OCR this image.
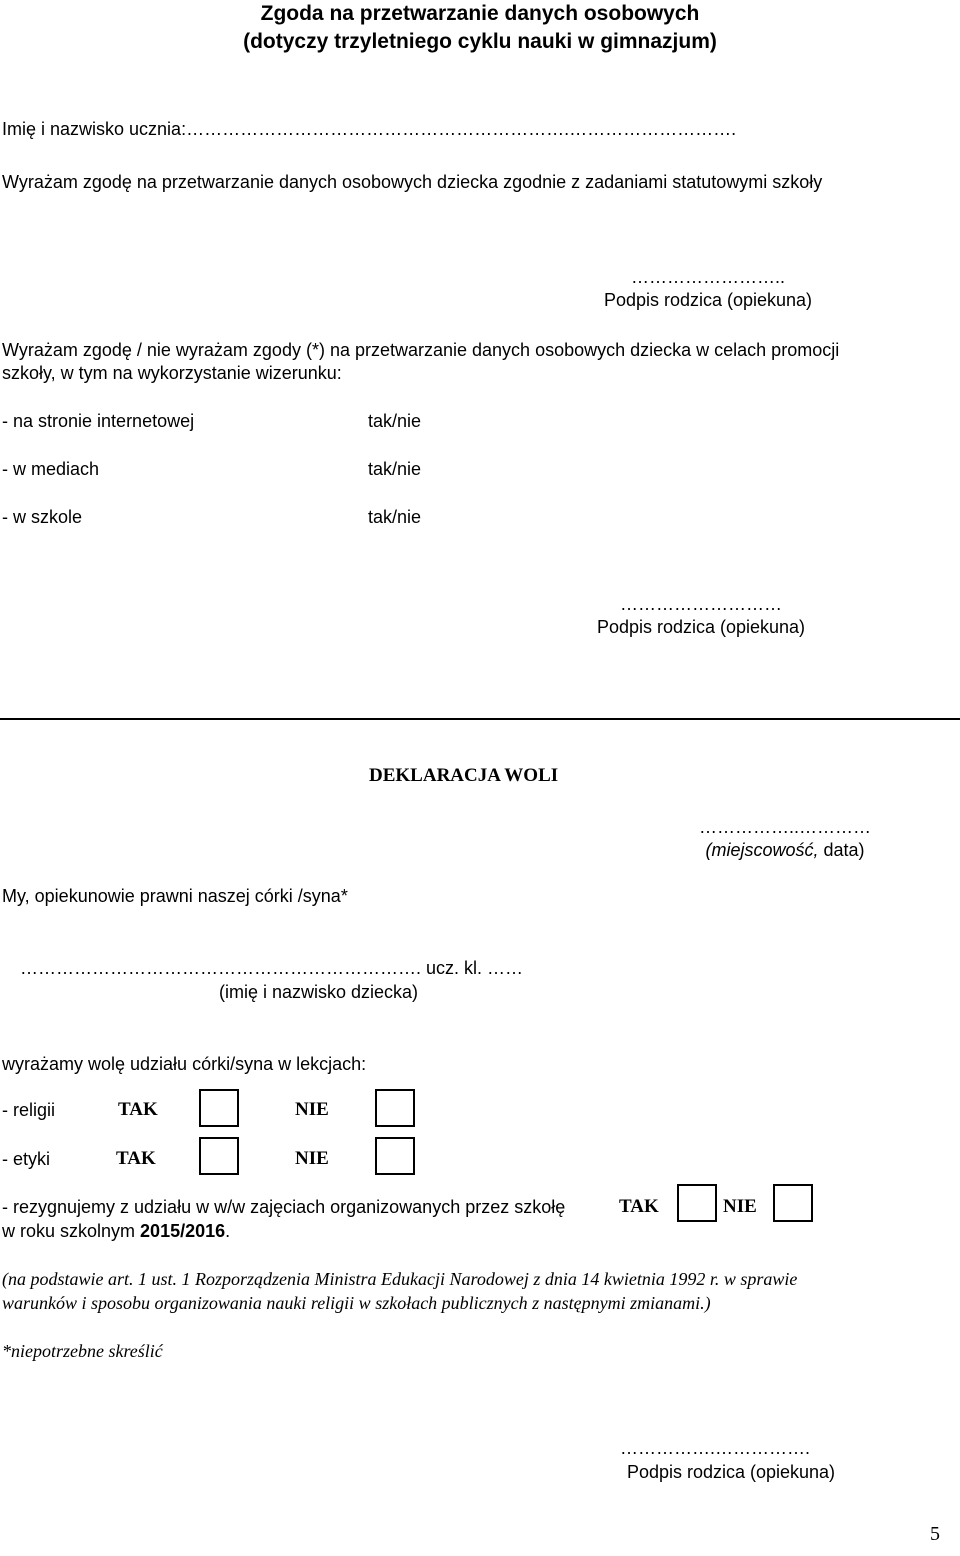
Zgoda na przetwarzanie danych osobowych
(dotyczy trzyletniego cyklu nauki w gimnazjum)
Imię i nazwisko ucznia:……………………………………………………….……………………….
Wyrażam zgodę na przetwarzanie danych osobowych dziecka zgodnie z zadaniami statutowymi szkoły
……………………..
Podpis rodzica (opiekuna)
Wyrażam zgodę / nie wyrażam zgody (*) na przetwarzanie danych osobowych dziecka w celach promocji
szkoły, w tym na wykorzystanie wizerunku:
- na stronie internetowej	tak/nie
- w mediach	tak/nie
- w szkole	tak/nie
………………………
Podpis rodzica (opiekuna)
DEKLARACJA WOLI
……………..…………
(miejscowość, data)
My, opiekunowie prawni naszej córki /syna*
…………………………………………………………. ucz. kl. ……
(imię i nazwisko dziecka)
wyrażamy wolę udziału córki/syna w lekcjach:
- religii	TAK	NIE
- etyki	TAK	NIE
- rezygnujemy z udziału w w/w zajęciach organizowanych przez szkołę	TAK	NIE
w roku szkolnym 2015/2016.
(na podstawie art. 1 ust. 1 Rozporządzenia Ministra Edukacji Narodowej z dnia 14 kwietnia 1992 r. w sprawie
warunków i sposobu organizowania nauki religii w szkołach publicznych z następnymi zmianami.)
*niepotrzebne skreślić
…………….…………….
Podpis rodzica (opiekuna)
5
